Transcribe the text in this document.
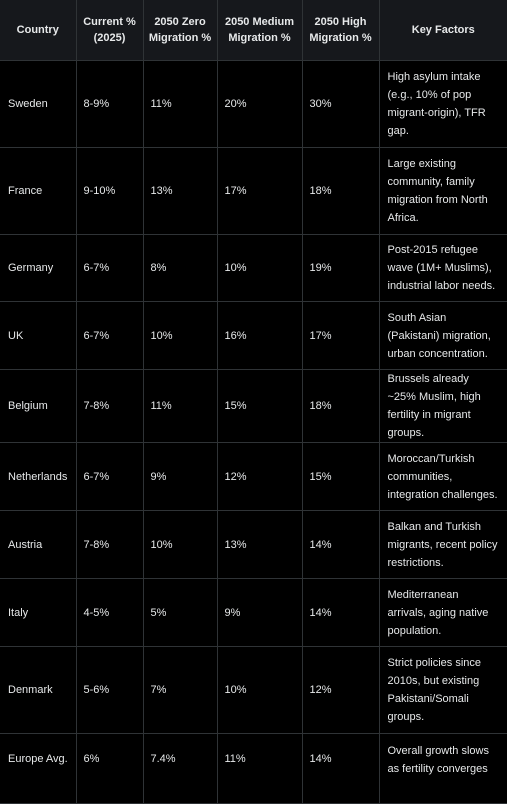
Country	Current % (2025)	2050 Zero Migration %	2050 Medium Migration %	2050 High Migration %	Key Factors
Sweden	8-9%	11%	20%	30%	High asylum intake (e.g., 10% of pop migrant-origin), TFR gap.
France	9-10%	13%	17%	18%	Large existing community, family migration from North Africa.
Germany	6-7%	8%	10%	19%	Post-2015 refugee wave (1M+ Muslims), industrial labor needs.
UK	6-7%	10%	16%	17%	South Asian (Pakistani) migration, urban concentration.
Belgium	7-8%	11%	15%	18%	Brussels already ~25% Muslim, high fertility in migrant groups.
Netherlands	6-7%	9%	12%	15%	Moroccan/Turkish communities, integration challenges.
Austria	7-8%	10%	13%	14%	Balkan and Turkish migrants, recent policy restrictions.
Italy	4-5%	5%	9%	14%	Mediterranean arrivals, aging native population.
Denmark	5-6%	7%	10%	12%	Strict policies since 2010s, but existing Pakistani/Somali groups.
Europe Avg.	6%	7.4%	11%	14%	Overall growth slows as fertility converges
